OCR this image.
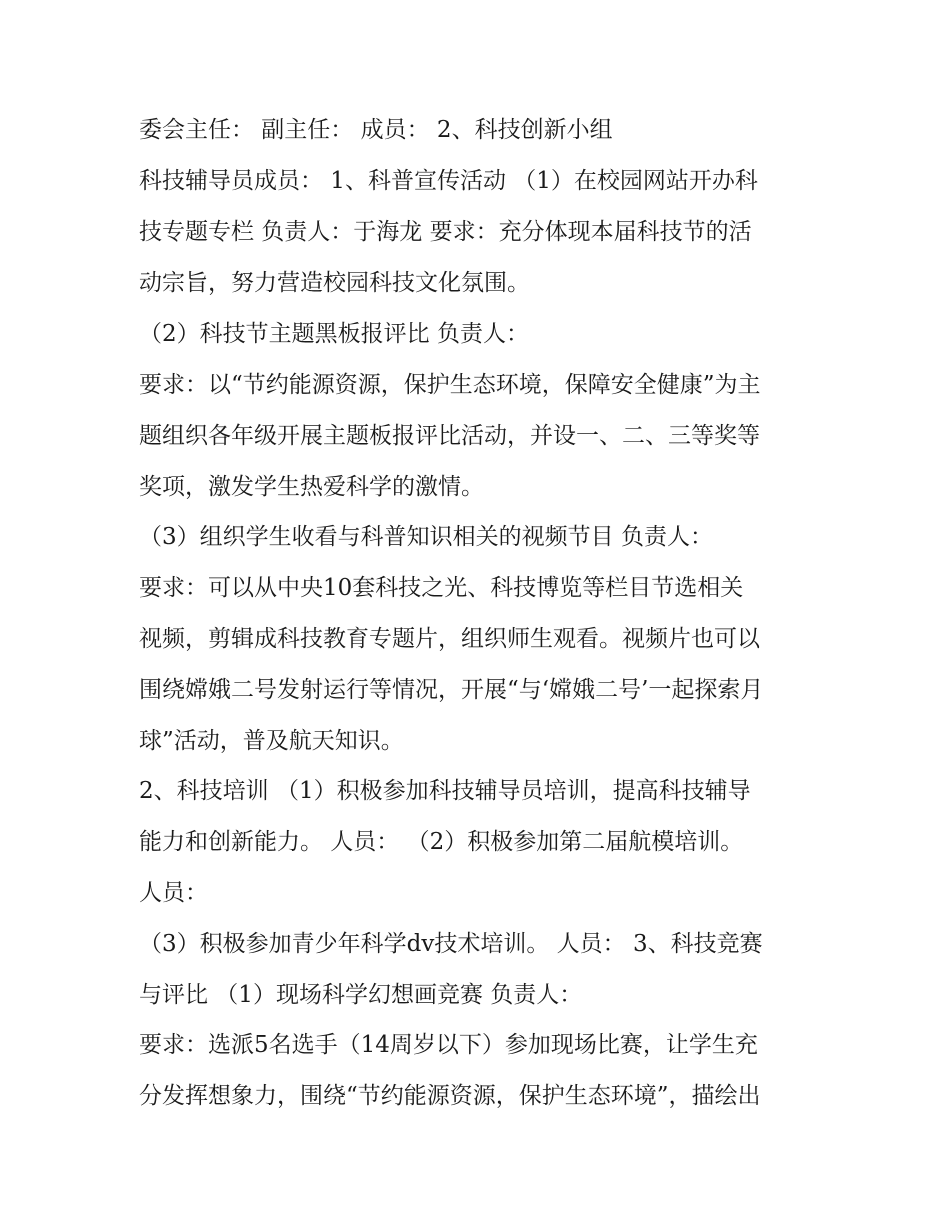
委会主任： 副主任： 成员： 2、科技创新小组

科技辅导员成员： 1、科普宣传活动 （1）在校园网站开办科

技专题专栏 负责人：于海龙 要求：充分体现本届科技节的活

动宗旨，努力营造校园科技文化氛围。

（2）科技节主题黑板报评比 负责人：

要求：以“节约能源资源，保护生态环境，保障安全健康”为主

题组织各年级开展主题板报评比活动，并设一、二、三等奖等

奖项，激发学生热爱科学的激情。

（3）组织学生收看与科普知识相关的视频节目 负责人：

要求：可以从中央10套科技之光、科技博览等栏目节选相关

视频，剪辑成科技教育专题片，组织师生观看。视频片也可以

围绕嫦娥二号发射运行等情况，开展“与‘嫦娥二号’一起探索月

球”活动，普及航天知识。

2、科技培训 （1）积极参加科技辅导员培训，提高科技辅导

能力和创新能力。 人员： （2）积极参加第二届航模培训。

人员：

（3）积极参加青少年科学dv技术培训。 人员： 3、科技竞赛

与评比 （1）现场科学幻想画竞赛 负责人：

要求：选派5名选手（14周岁以下）参加现场比赛，让学生充

分发挥想象力，围绕“节约能源资源，保护生态环境”，描绘出
